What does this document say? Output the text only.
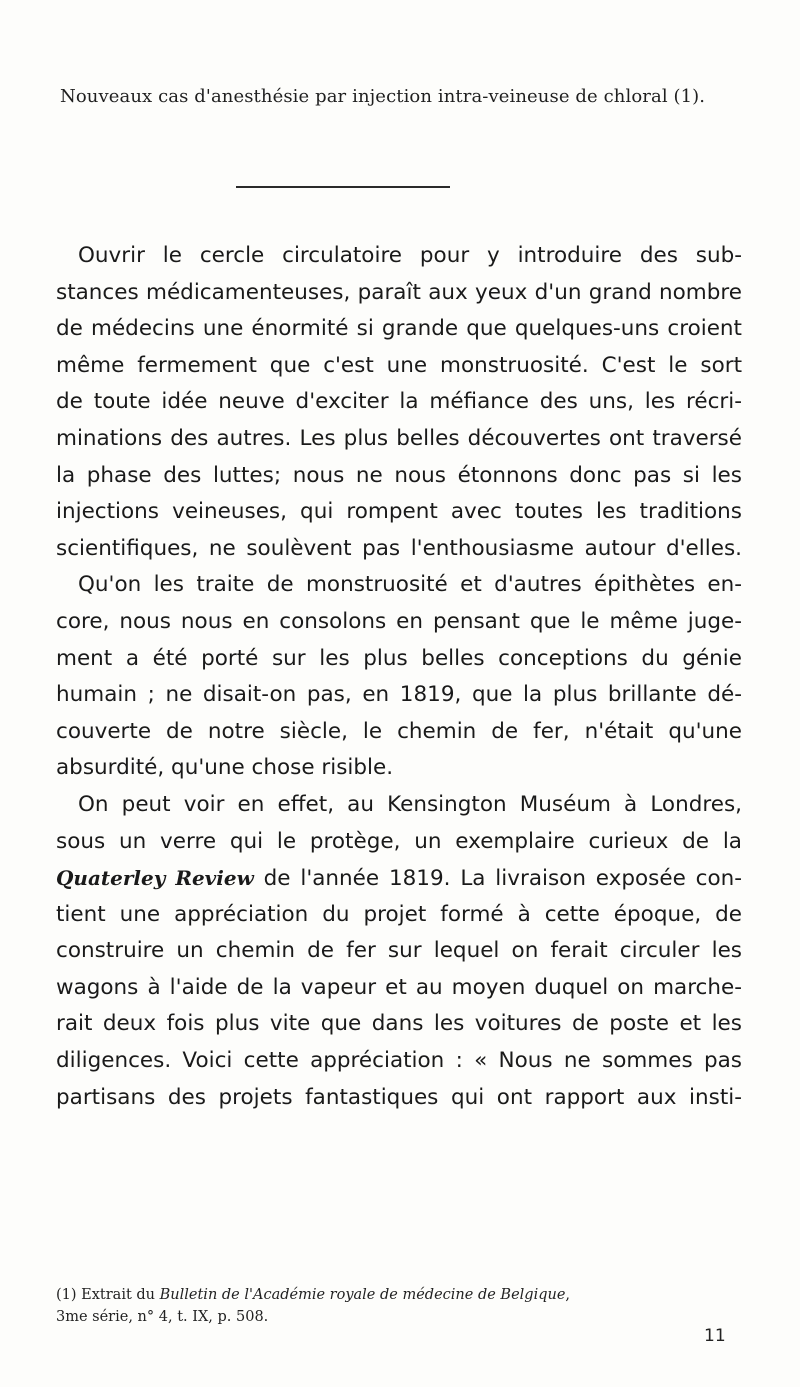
Nouveaux cas d'anesthésie par injection intra-veineuse de chloral (1).
Ouvrir le cercle circulatoire pour y introduire des sub-
stances médicamenteuses, paraît aux yeux d'un grand nombre
de médecins une énormité si grande que quelques-uns croient
même fermement que c'est une monstruosité. C'est le sort
de toute idée neuve d'exciter la méfiance des uns, les récri-
minations des autres. Les plus belles découvertes ont traversé
la phase des luttes; nous ne nous étonnons donc pas si les
injections veineuses, qui rompent avec toutes les traditions
scientifiques, ne soulèvent pas l'enthousiasme autour d'elles.
Qu'on les traite de monstruosité et d'autres épithètes en-
core, nous nous en consolons en pensant que le même juge-
ment a été porté sur les plus belles conceptions du génie
humain ; ne disait-on pas, en 1819, que la plus brillante dé-
couverte de notre siècle, le chemin de fer, n'était qu'une
absurdité, qu'une chose risible.
On peut voir en effet, au Kensington Muséum à Londres,
sous un verre qui le protège, un exemplaire curieux de la
Quaterley Review de l'année 1819. La livraison exposée con-
tient une appréciation du projet formé à cette époque, de
construire un chemin de fer sur lequel on ferait circuler les
wagons à l'aide de la vapeur et au moyen duquel on marche-
rait deux fois plus vite que dans les voitures de poste et les
diligences. Voici cette appréciation : « Nous ne sommes pas
partisans des projets fantastiques qui ont rapport aux insti-
(1) Extrait du Bulletin de l'Académie royale de médecine de Belgique,
3me série, n° 4, t. IX, p. 508.
11
